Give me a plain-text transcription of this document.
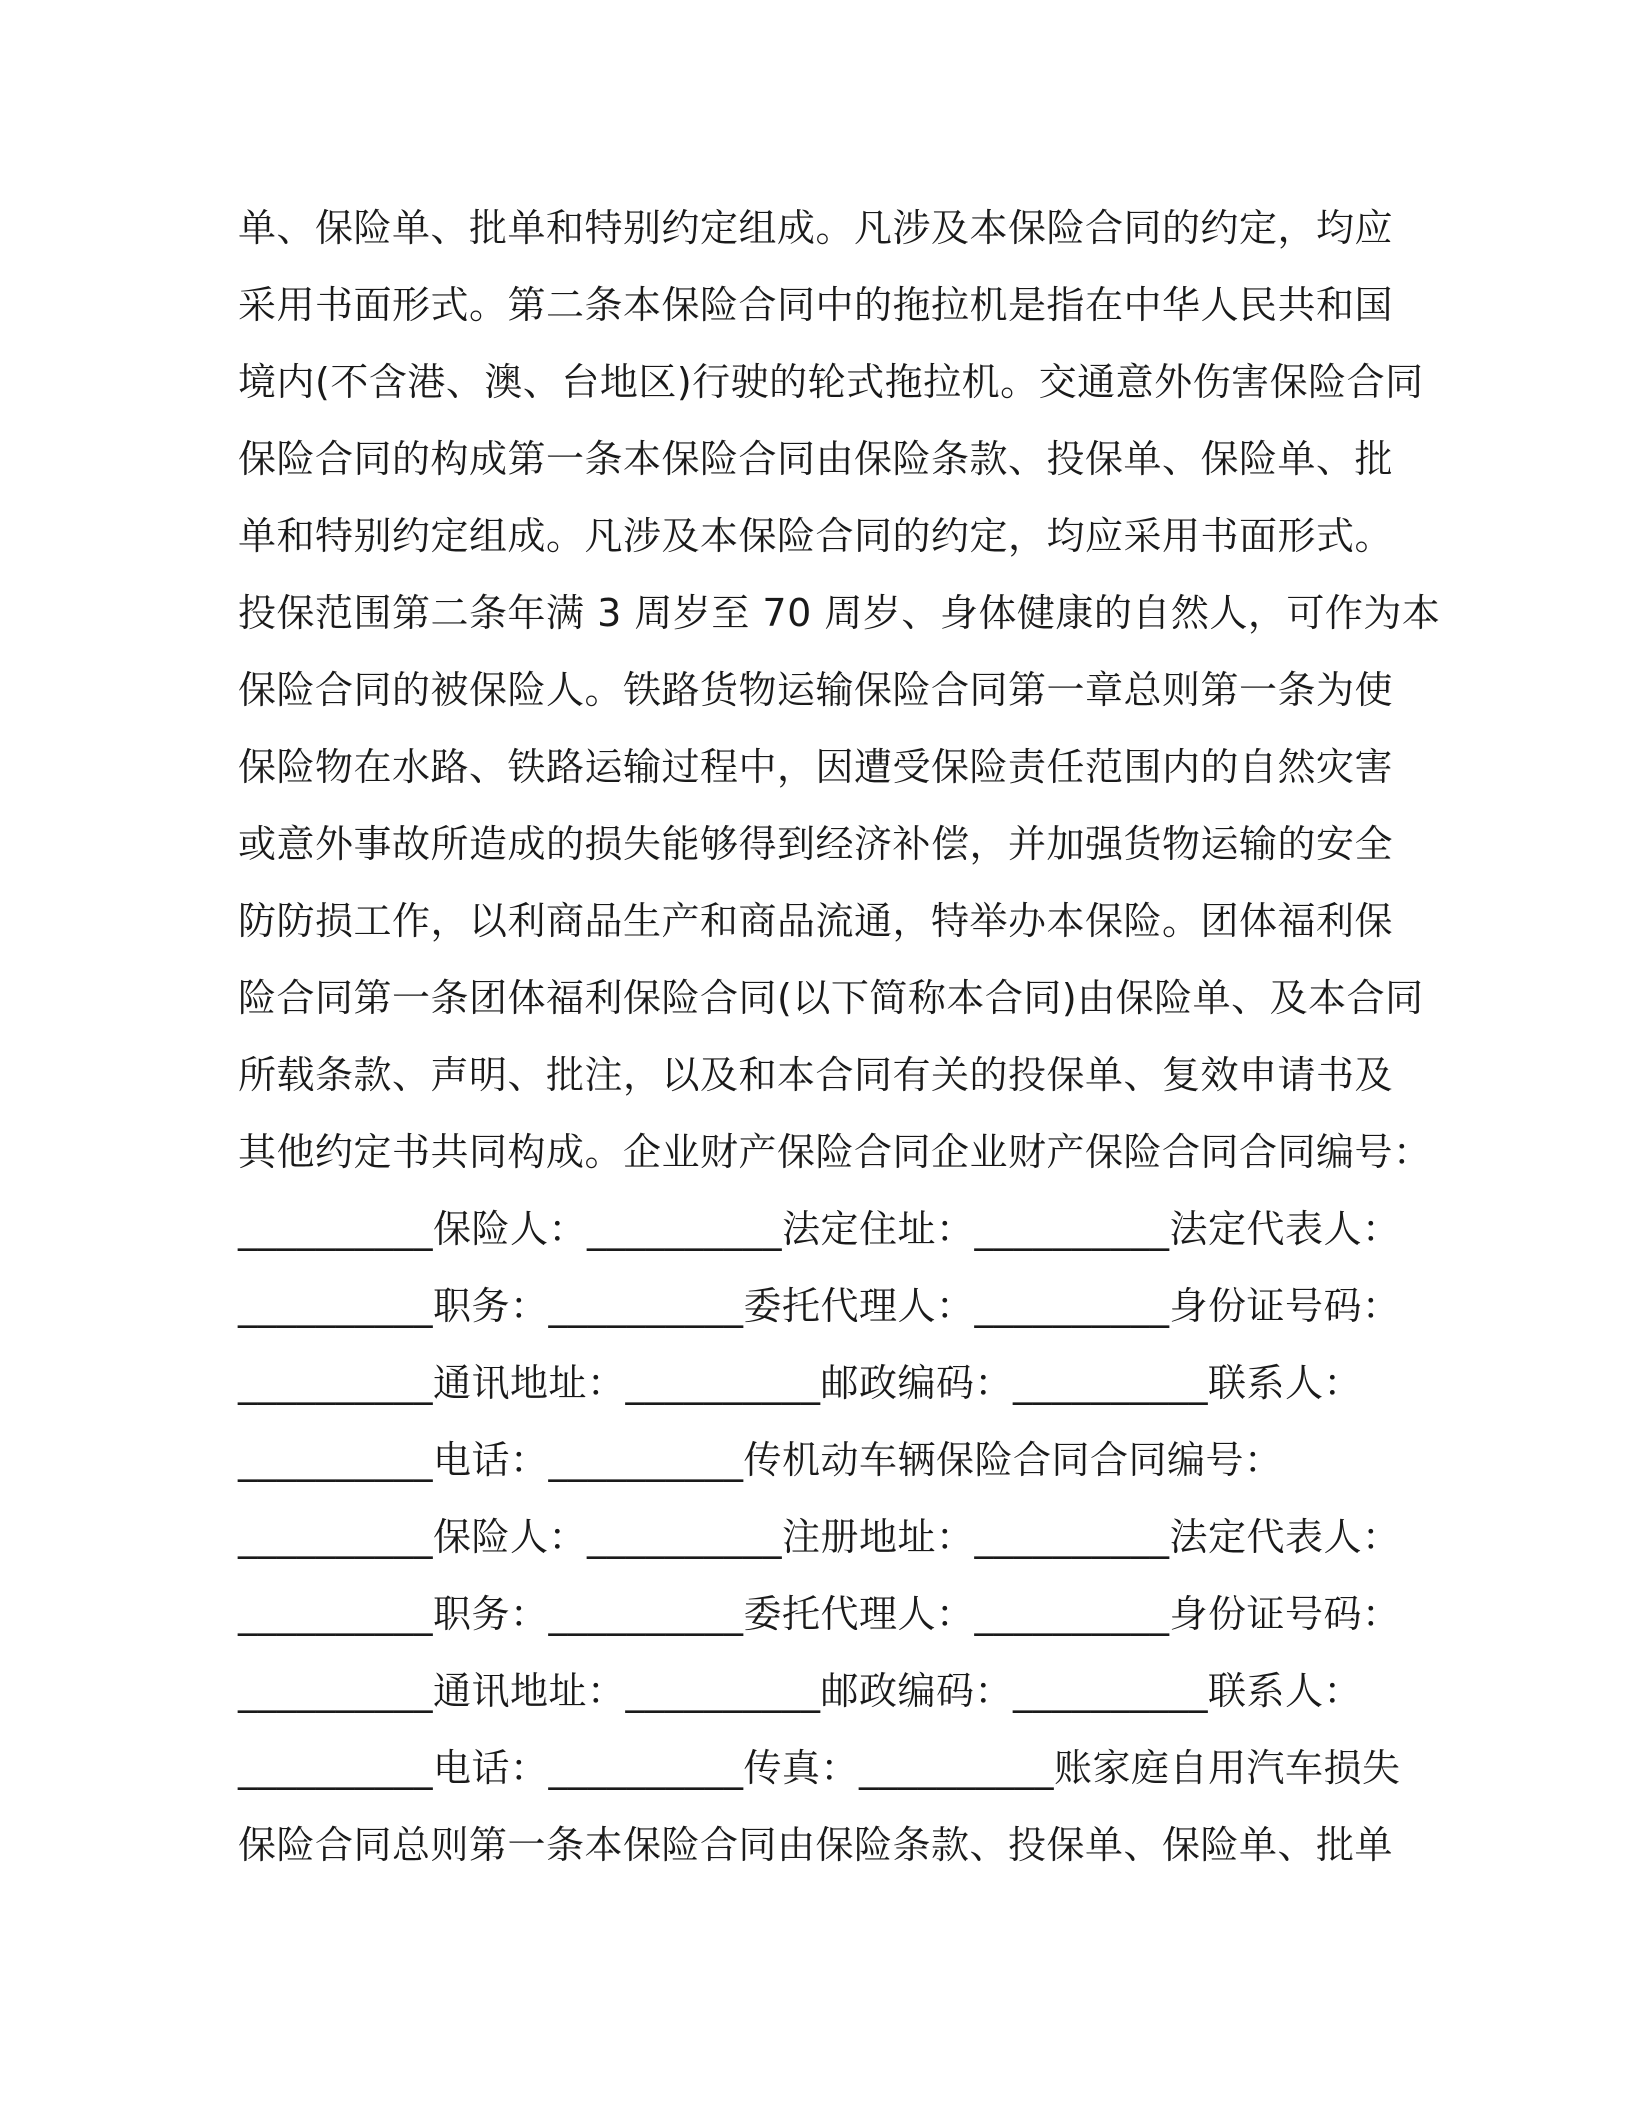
单、保险单、批单和特别约定组成。凡涉及本保险合同的约定，均应
采用书面形式。第二条本保险合同中的拖拉机是指在中华人民共和国
境内(不含港、澳、台地区)行驶的轮式拖拉机。交通意外伤害保险合同
保险合同的构成第一条本保险合同由保险条款、投保单、保险单、批
单和特别约定组成。凡涉及本保险合同的约定，均应采用书面形式。
投保范围第二条年满 3 周岁至 70 周岁、身体健康的自然人，可作为本
保险合同的被保险人。铁路货物运输保险合同第一章总则第一条为使
保险物在水路、铁路运输过程中，因遭受保险责任范围内的自然灾害
或意外事故所造成的损失能够得到经济补偿，并加强货物运输的安全
防防损工作，以利商品生产和商品流通，特举办本保险。团体福利保
险合同第一条团体福利保险合同(以下简称本合同)由保险单、及本合同
所载条款、声明、批注，以及和本合同有关的投保单、复效申请书及
其他约定书共同构成。企业财产保险合同企业财产保险合同合同编号：
__________保险人：__________法定住址：__________法定代表人：
__________职务：__________委托代理人：__________身份证号码：
__________通讯地址：__________邮政编码：__________联系人：
__________电话：__________传机动车辆保险合同合同编号：
__________保险人：__________注册地址：__________法定代表人：
__________职务：__________委托代理人：__________身份证号码：
__________通讯地址：__________邮政编码：__________联系人：
__________电话：__________传真：__________账家庭自用汽车损失
保险合同总则第一条本保险合同由保险条款、投保单、保险单、批单
